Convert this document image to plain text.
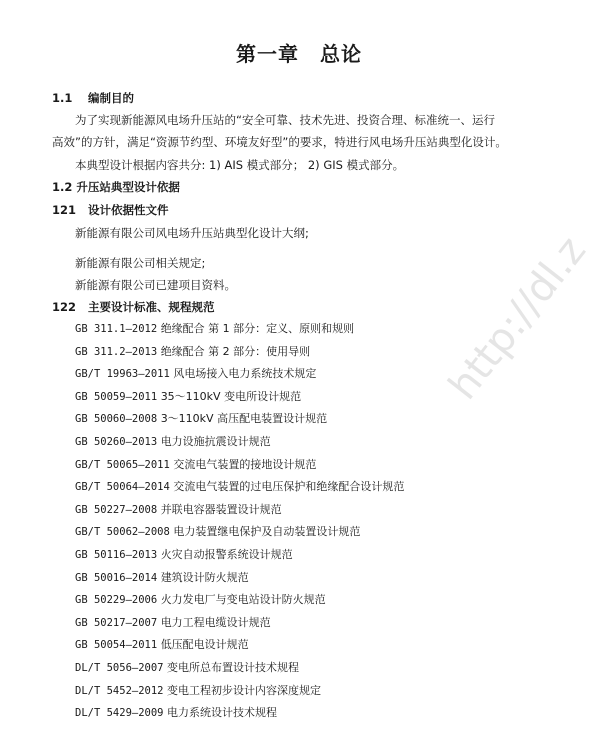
第一章　总论
1.1 编制目的
为了实现新能源风电场升压站的“安全可靠、技术先进、投资合理、标准统一、运行
高效”的方针，满足“资源节约型、环境友好型”的要求，特进行风电场升压站典型化设计。
本典型设计根据内容共分: 1) AIS 模式部分； 2) GIS 模式部分。
1.2 升压站典型设计依据
121 设计依据性文件
新能源有限公司风电场升压站典型化设计大纲;
新能源有限公司相关规定;
新能源有限公司已建项目资料。
122 主要设计标准、规程规范
GB 311.1—2012 绝缘配合 第 1 部分：定义、原则和规则
GB 311.2—2013 绝缘配合 第 2 部分：使用导则
GB/T 19963—2011 风电场接入电力系统技术规定
GB 50059—2011 35～110kV 变电所设计规范
GB 50060—2008 3～110kV 高压配电装置设计规范
GB 50260—2013 电力设施抗震设计规范
GB/T 50065—2011 交流电气装置的接地设计规范
GB/T 50064—2014 交流电气装置的过电压保护和绝缘配合设计规范
GB 50227—2008 并联电容器装置设计规范
GB/T 50062—2008 电力装置继电保护及自动装置设计规范
GB 50116—2013 火灾自动报警系统设计规范
GB 50016—2014 建筑设计防火规范
GB 50229—2006 火力发电厂与变电站设计防火规范
GB 50217—2007 电力工程电缆设计规范
GB 50054—2011 低压配电设计规范
DL/T 5056—2007 变电所总布置设计技术规程
DL/T 5452—2012 变电工程初步设计内容深度规定
DL/T 5429—2009 电力系统设计技术规程
http://dl.z
